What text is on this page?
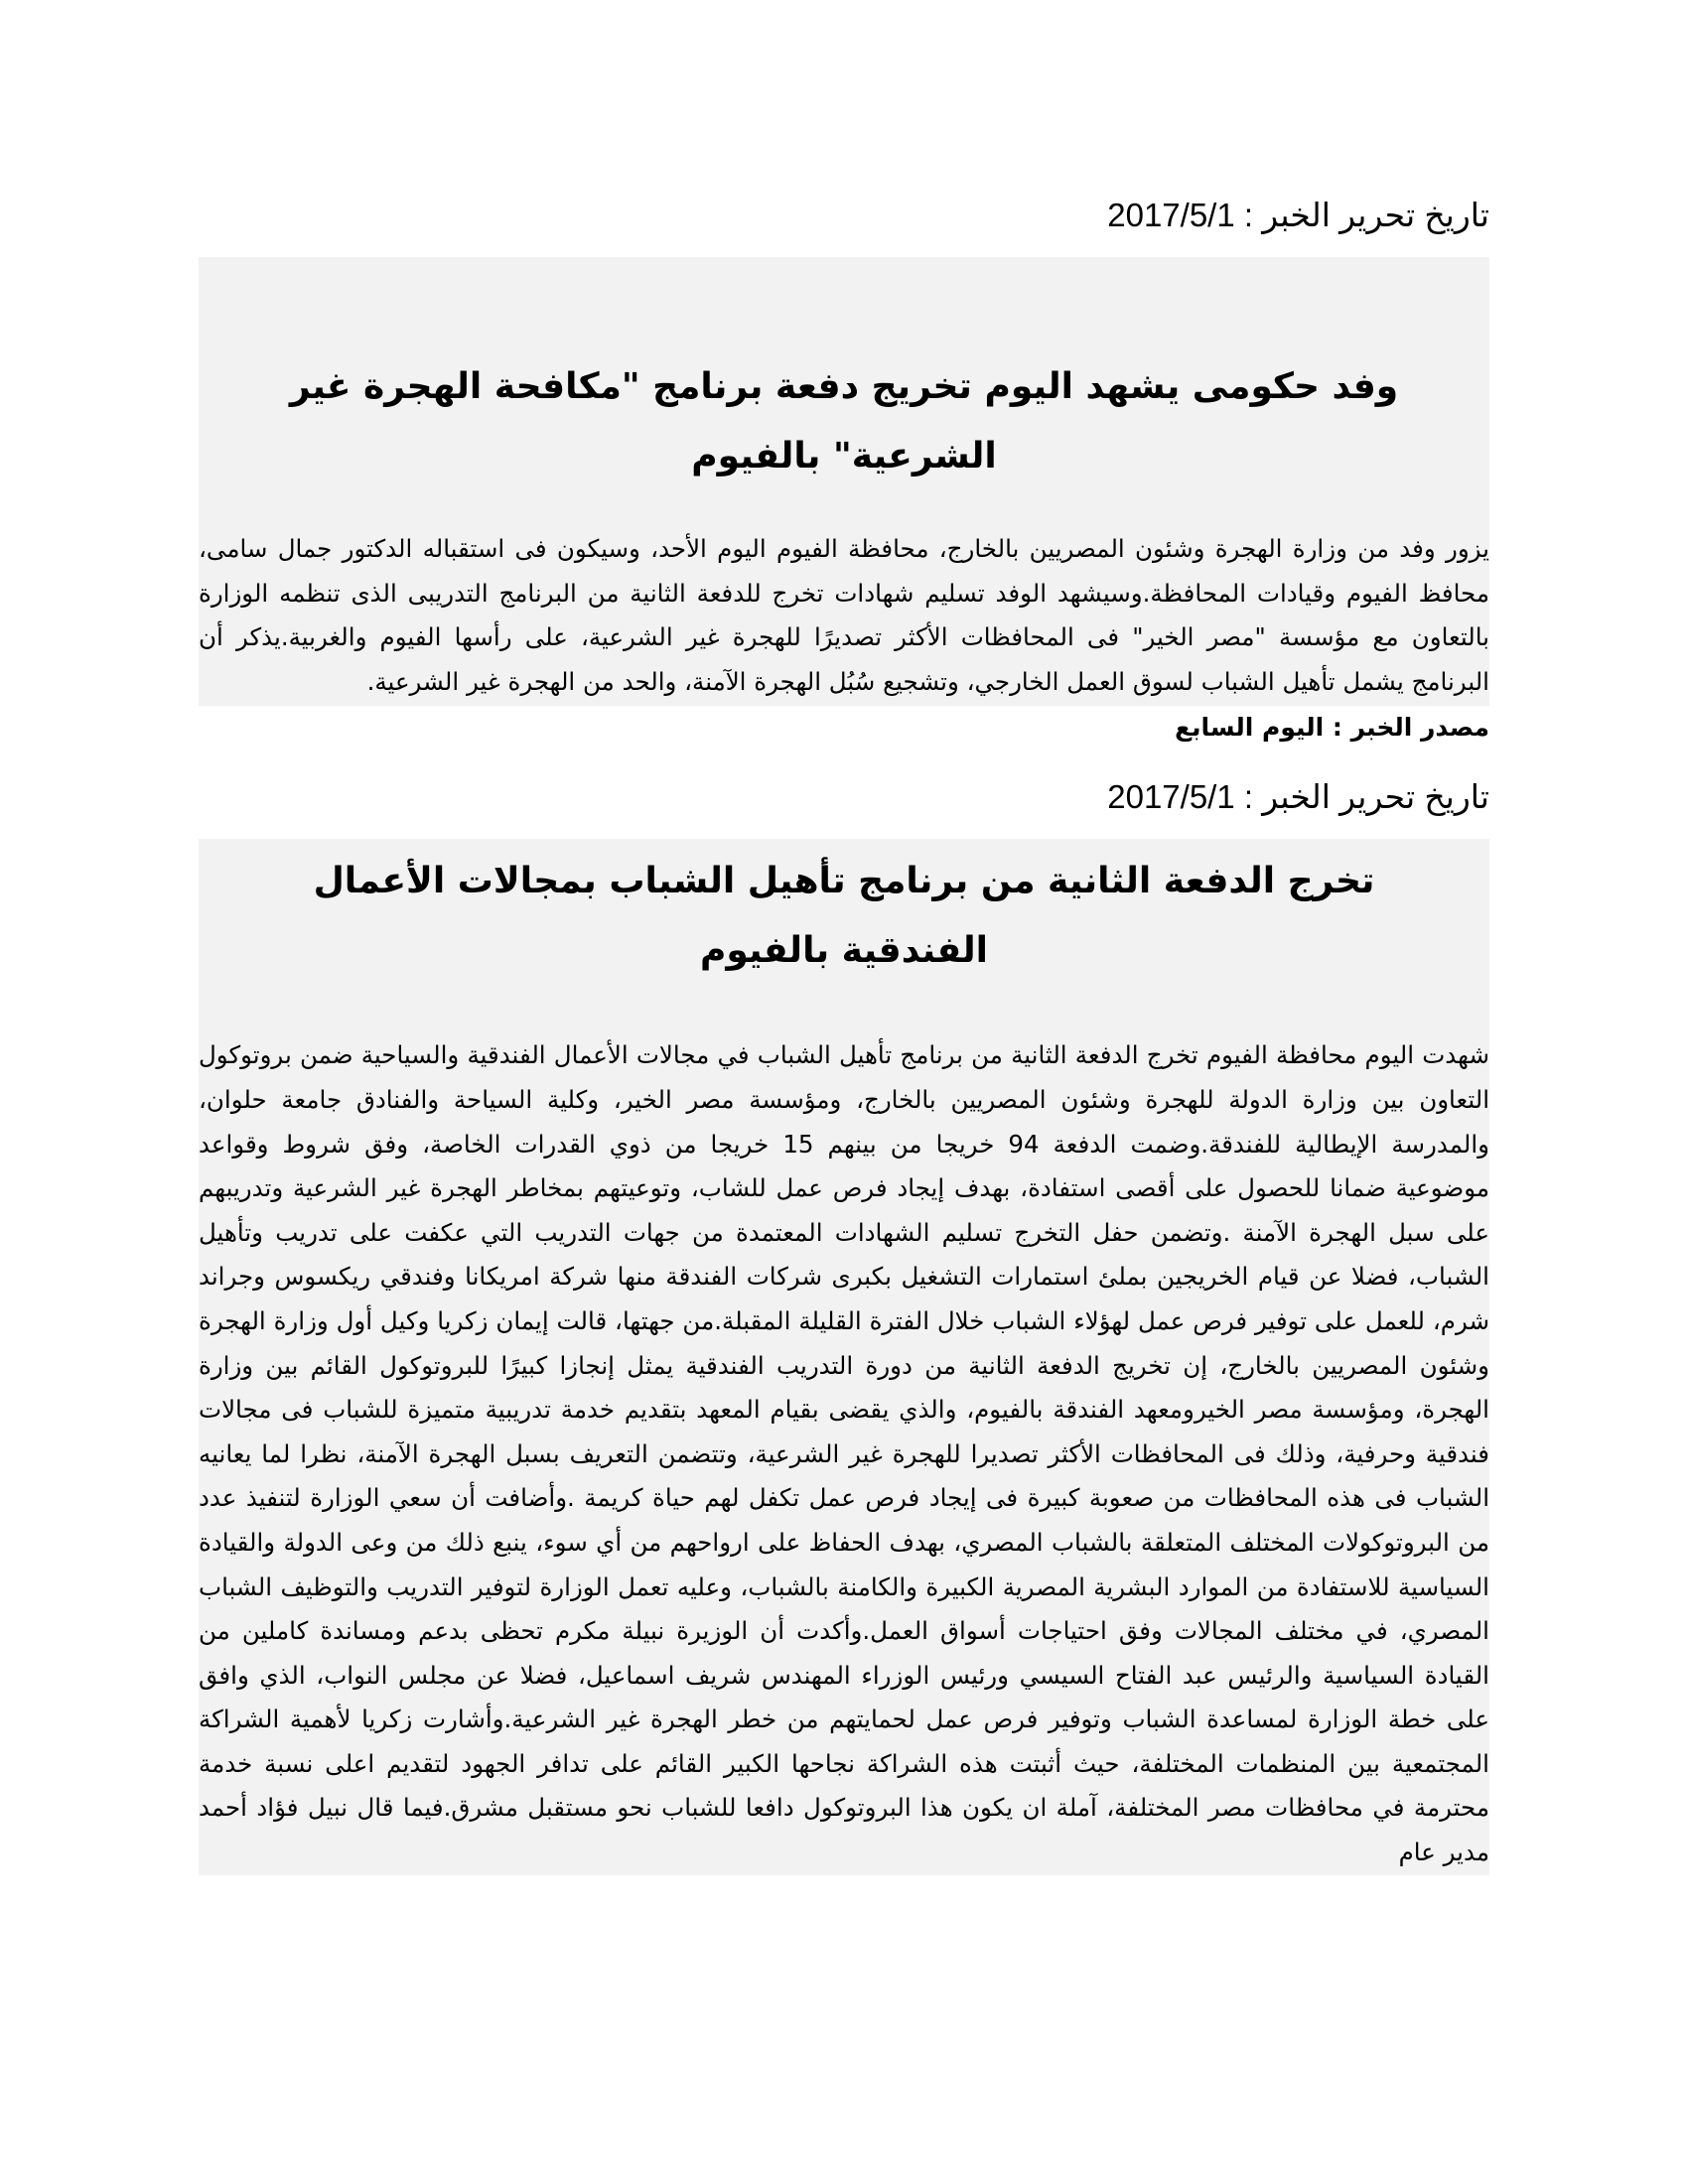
تاريخ تحرير الخبر : 2017/5/1

وفد حكومى يشهد اليوم تخريج دفعة برنامج "مكافحة الهجرة غير الشرعية" بالفيوم

يزور وفد من وزارة الهجرة وشئون المصريين بالخارج، محافظة الفيوم اليوم الأحد، وسيكون فى استقباله الدكتور جمال سامى، محافظ الفيوم وقيادات المحافظة.وسيشهد الوفد تسليم شهادات تخرج للدفعة الثانية من البرنامج التدريبى الذى تنظمه الوزارة بالتعاون مع مؤسسة "مصر الخير" فى المحافظات الأكثر تصديرًا للهجرة غير الشرعية، على رأسها الفيوم والغربية.يذكر أن البرنامج يشمل تأهيل الشباب لسوق العمل الخارجي، وتشجيع سُبُل الهجرة الآمنة، والحد من الهجرة غير الشرعية.

مصدر الخبر : اليوم السابع

تاريخ تحرير الخبر : 2017/5/1

تخرج الدفعة الثانية من برنامج تأهيل الشباب بمجالات الأعمال الفندقية بالفيوم

شهدت اليوم محافظة الفيوم تخرج الدفعة الثانية من برنامج تأهيل الشباب في مجالات الأعمال الفندقية والسياحية ضمن بروتوكول التعاون بين وزارة الدولة للهجرة وشئون المصريين بالخارج، ومؤسسة مصر الخير، وكلية السياحة والفنادق جامعة حلوان، والمدرسة الإيطالية للفندقة.وضمت الدفعة 94 خريجا من بينهم 15 خريجا من ذوي القدرات الخاصة، وفق شروط وقواعد موضوعية ضمانا للحصول على أقصى استفادة، بهدف إيجاد فرص عمل للشاب، وتوعيتهم بمخاطر الهجرة غير الشرعية وتدريبهم على سبل الهجرة الآمنة .وتضمن حفل التخرج تسليم الشهادات المعتمدة من جهات التدريب التي عكفت على تدريب وتأهيل الشباب، فضلا عن قيام الخريجين بملئ استمارات التشغيل بكبرى شركات الفندقة منها شركة امريكانا وفندقي ريكسوس وجراند شرم، للعمل على توفير فرص عمل لهؤلاء الشباب خلال الفترة القليلة المقبلة.من جهتها، قالت إيمان زكريا وكيل أول وزارة الهجرة وشئون المصريين بالخارج، إن تخريج الدفعة الثانية من دورة التدريب الفندقية يمثل إنجازا كبيرًا للبروتوكول القائم بين وزارة الهجرة، ومؤسسة مصر الخيرومعهد الفندقة بالفيوم، والذي يقضى بقيام المعهد بتقديم خدمة تدريبية متميزة للشباب فى مجالات فندقية وحرفية، وذلك فى المحافظات الأكثر تصديرا للهجرة غير الشرعية، وتتضمن التعريف بسبل الهجرة الآمنة، نظرا لما يعانيه الشباب فى هذه المحافظات من صعوبة كبيرة فى إيجاد فرص عمل تكفل لهم حياة كريمة .وأضافت أن سعي الوزارة لتنفيذ عدد من البروتوكولات المختلف المتعلقة بالشباب المصري، بهدف الحفاظ على ارواحهم من أي سوء، ينبع ذلك من وعى الدولة والقيادة السياسية للاستفادة من الموارد البشرية المصرية الكبيرة والكامنة بالشباب، وعليه تعمل الوزارة لتوفير التدريب والتوظيف الشباب المصري، في مختلف المجالات وفق احتياجات أسواق العمل.وأكدت أن الوزيرة نبيلة مكرم تحظى بدعم ومساندة كاملين من القيادة السياسية والرئيس عبد الفتاح السيسي ورئيس الوزراء المهندس شريف اسماعيل، فضلا عن مجلس النواب، الذي وافق على خطة الوزارة لمساعدة الشباب وتوفير فرص عمل لحمايتهم من خطر الهجرة غير الشرعية.وأشارت زكريا لأهمية الشراكة المجتمعية بين المنظمات المختلفة، حيث أثبتت هذه الشراكة نجاحها الكبير القائم على تدافر الجهود لتقديم اعلى نسبة خدمة محترمة في محافظات مصر المختلفة، آملة ان يكون هذا البروتوكول دافعا للشباب نحو مستقبل مشرق.فيما قال نبيل فؤاد أحمد مدير عام
